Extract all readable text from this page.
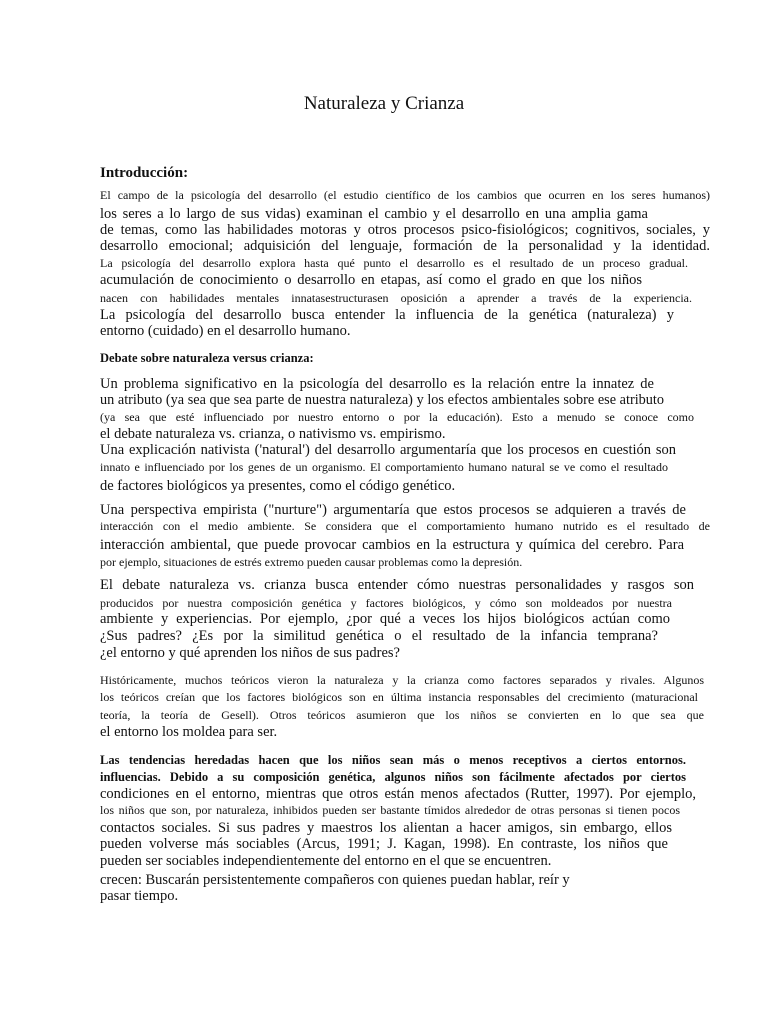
Naturaleza y Crianza
Introducción:
El campo de la psicología del desarrollo (el estudio científico de los cambios que ocurren en los seres humanos)
los seres a lo largo de sus vidas) examinan el cambio y el desarrollo en una amplia gama
de temas, como las habilidades motoras y otros procesos psico-fisiológicos; cognitivos, sociales, y
desarrollo emocional; adquisición del lenguaje, formación de la personalidad y la identidad.
La psicología del desarrollo explora hasta qué punto el desarrollo es el resultado de un proceso gradual.
acumulación de conocimiento o desarrollo en etapas, así como el grado en que los niños
nacen con habilidades mentales innatasestructurasen oposición a aprender a través de la experiencia.
La psicología del desarrollo busca entender la influencia de la genética (naturaleza) y
entorno (cuidado) en el desarrollo humano.
Debate sobre naturaleza versus crianza:
Un problema significativo en la psicología del desarrollo es la relación entre la innatez de
un atributo (ya sea que sea parte de nuestra naturaleza) y los efectos ambientales sobre ese atributo
(ya sea que esté influenciado por nuestro entorno o por la educación). Esto a menudo se conoce como
el debate naturaleza vs. crianza, o nativismo vs. empirismo.
Una explicación nativista ('natural') del desarrollo argumentaría que los procesos en cuestión son
innato e influenciado por los genes de un organismo. El comportamiento humano natural se ve como el resultado
de factores biológicos ya presentes, como el código genético.
Una perspectiva empirista ("nurture") argumentaría que estos procesos se adquieren a través de
interacción con el medio ambiente. Se considera que el comportamiento humano nutrido es el resultado de
interacción ambiental, que puede provocar cambios en la estructura y química del cerebro. Para
por ejemplo, situaciones de estrés extremo pueden causar problemas como la depresión.
El debate naturaleza vs. crianza busca entender cómo nuestras personalidades y rasgos son
producidos por nuestra composición genética y factores biológicos, y cómo son moldeados por nuestra
ambiente y experiencias. Por ejemplo, ¿por qué a veces los hijos biológicos actúan como
¿Sus padres? ¿Es por la similitud genética o el resultado de la infancia temprana?
¿el entorno y qué aprenden los niños de sus padres?
Históricamente, muchos teóricos vieron la naturaleza y la crianza como factores separados y rivales. Algunos
los teóricos creían que los factores biológicos son en última instancia responsables del crecimiento (maturacional
teoría, la teoría de Gesell). Otros teóricos asumieron que los niños se convierten en lo que sea que
el entorno los moldea para ser.
Las tendencias heredadas hacen que los niños sean más o menos receptivos a ciertos entornos.
influencias. Debido a su composición genética, algunos niños son fácilmente afectados por ciertos
condiciones en el entorno, mientras que otros están menos afectados (Rutter, 1997). Por ejemplo,
los niños que son, por naturaleza, inhibidos pueden ser bastante tímidos alrededor de otras personas si tienen pocos
contactos sociales. Si sus padres y maestros los alientan a hacer amigos, sin embargo, ellos
pueden volverse más sociables (Arcus, 1991; J. Kagan, 1998). En contraste, los niños que
pueden ser sociables independientemente del entorno en el que se encuentren.
crecen: Buscarán persistentemente compañeros con quienes puedan hablar, reír y
pasar tiempo.
